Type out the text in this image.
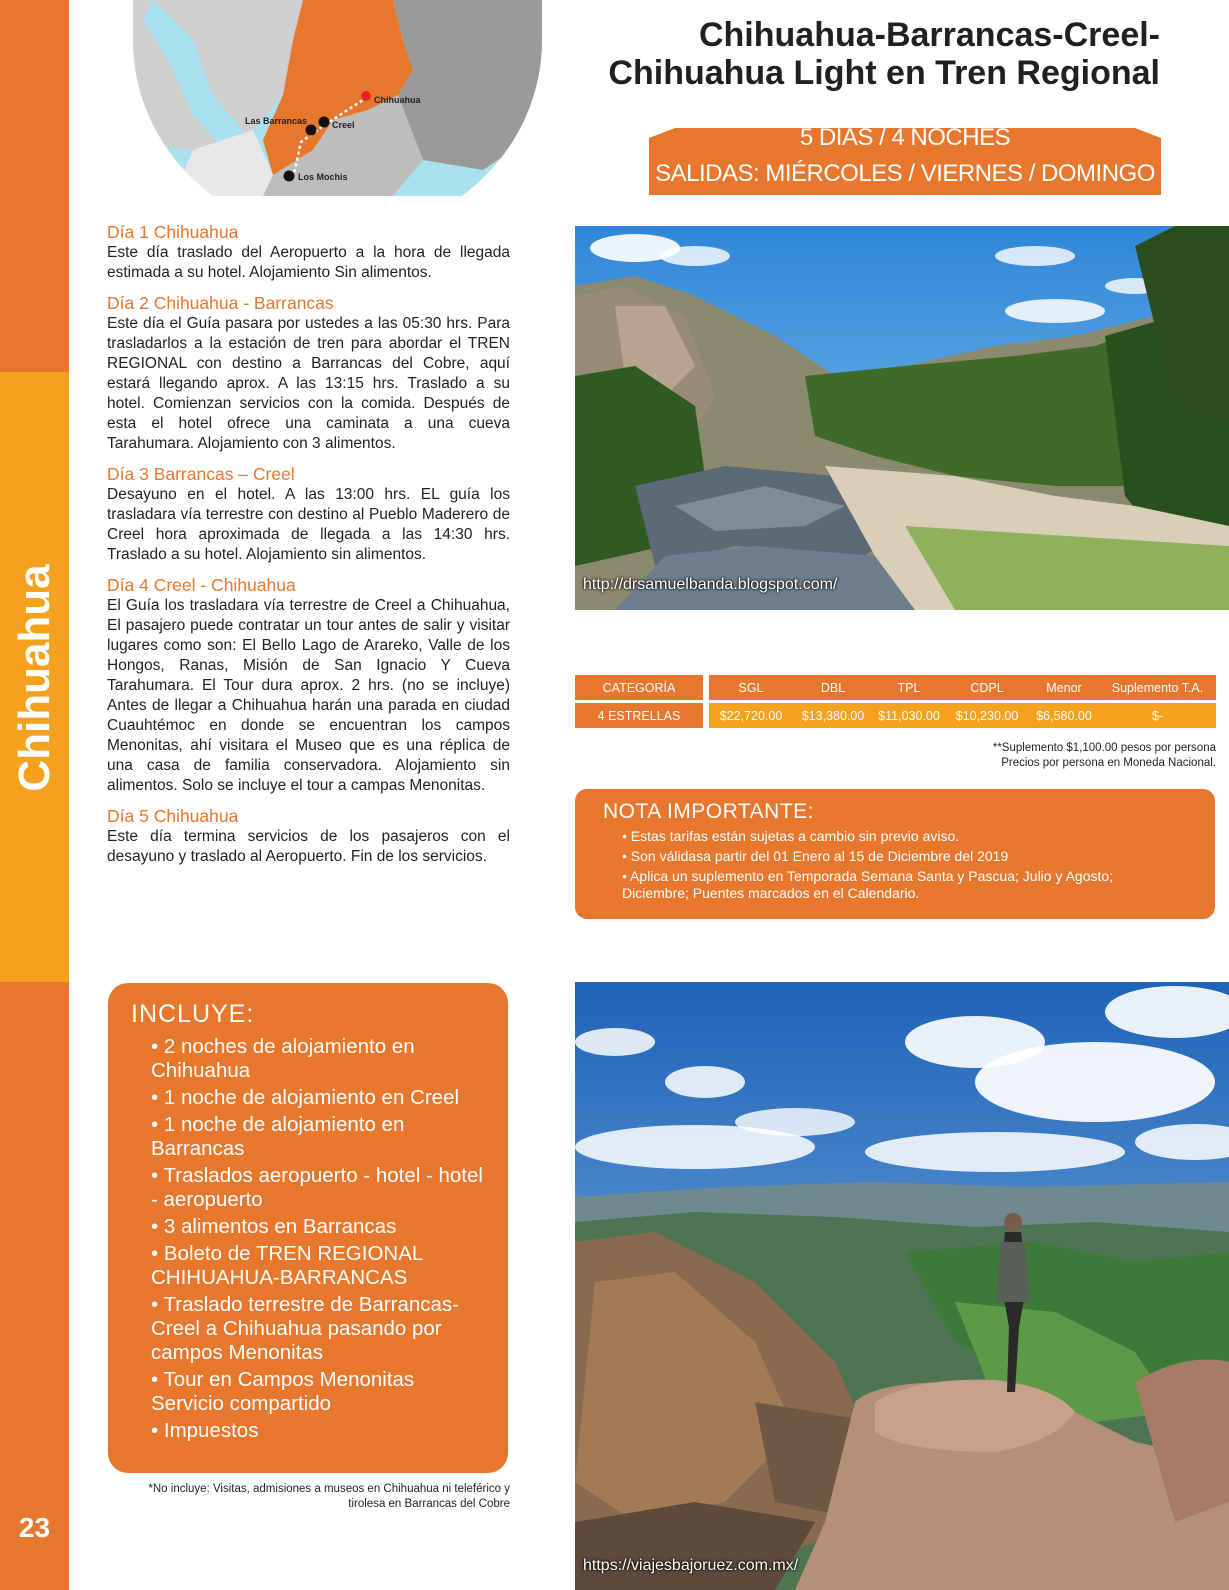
Chihuahua
23
Chihuahua
Las Barrancas	Creel
Los Mochis
Chihuahua-Barrancas-Creel-
Chihuahua Light en Tren Regional
5 DÍAS / 4 NOCHES
SALIDAS: MIÉRCOLES / VIERNES / DOMINGO
Día 1 Chihuahua
Este día traslado del Aeropuerto a la hora de llegada estimada a su hotel. Alojamiento Sin alimentos.
Día 2 Chihuahua - Barrancas
Este día el Guía pasara por ustedes a las 05:30 hrs. Para trasladarlos a la estación de tren para abordar el TREN REGIONAL con destino a Barrancas del Cobre, aquí estará llegando aprox. A las 13:15 hrs. Traslado a su hotel. Comienzan servicios con la comida. Después de esta el hotel ofrece una caminata a una cueva Tarahumara. Alojamiento con 3 alimentos.
Día 3 Barrancas – Creel
Desayuno en el hotel. A las 13:00 hrs. EL guía los trasladara vía terrestre con destino al Pueblo Maderero de Creel hora aproximada de llegada a las 14:30 hrs. Traslado a su hotel. Alojamiento sin alimentos.
Día 4 Creel - Chihuahua
El Guía los trasladara vía terrestre de Creel a Chihuahua, El pasajero puede contratar un tour antes de salir y visitar lugares como son: El Bello Lago de Arareko, Valle de los Hongos, Ranas, Misión de San Ignacio Y Cueva Tarahumara. El Tour dura aprox. 2 hrs. (no se incluye) Antes de llegar a Chihuahua harán una parada en ciudad Cuauhtémoc en donde se encuentran los campos Menonitas, ahí visitara el Museo que es una réplica de una casa de familia conservadora. Alojamiento sin alimentos. Solo se incluye el tour a campas Menonitas.
Día 5 Chihuahua
Este día termina servicios de los pasajeros con el desayuno y traslado al Aeropuerto. Fin de los servicios.
http://drsamuelbanda.blogspot.com/
CATEGORÍA	SGL	DBL	TPL	CDPL	Menor	Suplemento T.A.
4 ESTRELLAS	$22,720.00	$13,380.00	$11,030.00	$10,230.00	$6,580.00	$-
**Suplemento $1,100.00 pesos por persona
Precios por persona en Moneda Nacional.
NOTA IMPORTANTE:
• Estas tarifas están sujetas a cambio sin previo aviso.
• Son válidasa partir del 01 Enero al 15 de Diciembre del 2019
• Aplica un suplemento en Temporada Semana Santa y Pascua; Julio y Agosto; Diciembre; Puentes marcados en el Calendario.
INCLUYE:
• 2 noches de alojamiento en Chihuahua
• 1 noche de alojamiento en Creel
• 1 noche de alojamiento en Barrancas
• Traslados aeropuerto - hotel - hotel - aeropuerto
• 3 alimentos en Barrancas
• Boleto de TREN REGIONAL CHIHUAHUA-BARRANCAS
• Traslado terrestre de Barrancas-Creel a Chihuahua pasando por campos Menonitas
• Tour en Campos Menonitas Servicio compartido
• Impuestos
*No incluye: Visitas, admisiones a museos en Chihuahua ni teleférico y tirolesa en Barrancas del Cobre
https://viajesbajoruez.com.mx/
